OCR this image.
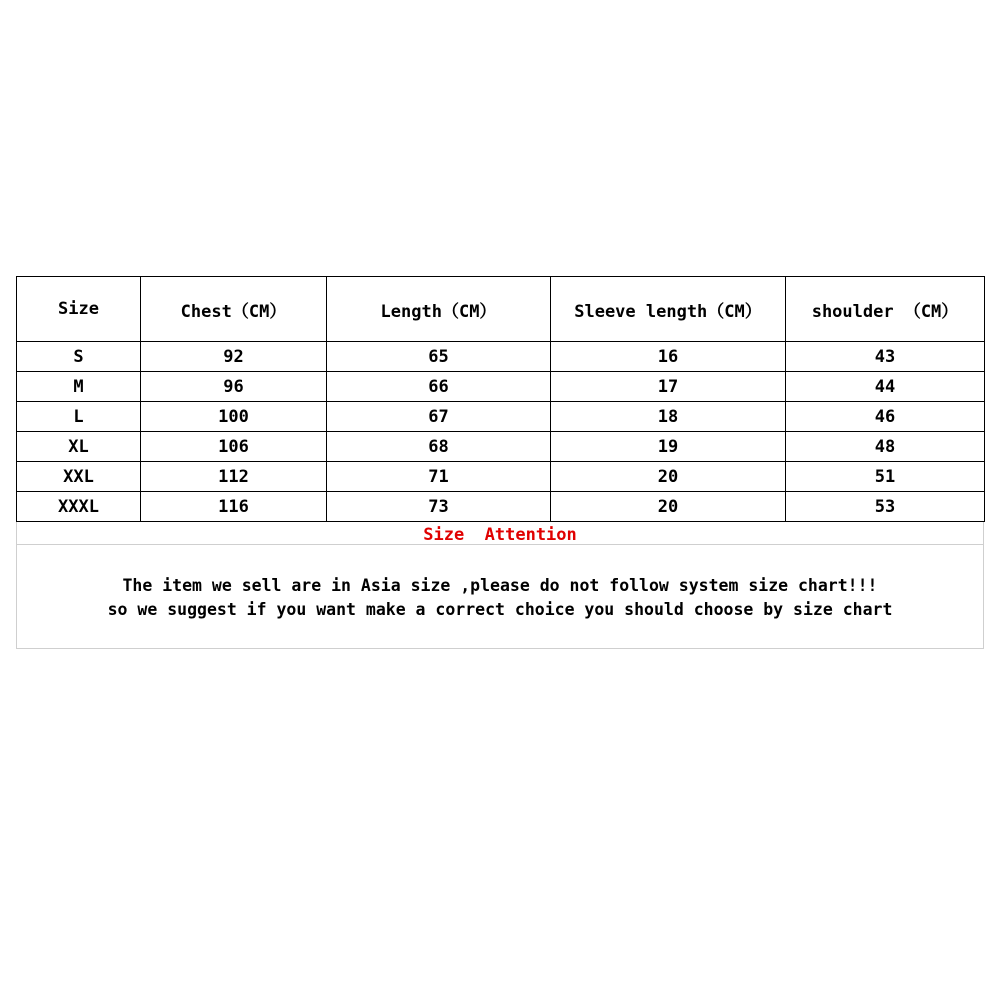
Size	Chest（CM）	Length（CM）	Sleeve length（CM）	shoulder （CM）
S	92	65	16	43
M	96	66	17	44
L	100	67	18	46
XL	106	68	19	48
XXL	112	71	20	51
XXXL	116	73	20	53
Size  Attention
The item we sell are in Asia size ,please do not follow system size chart!!!
so we suggest if you want make a correct choice you should choose by size chart
